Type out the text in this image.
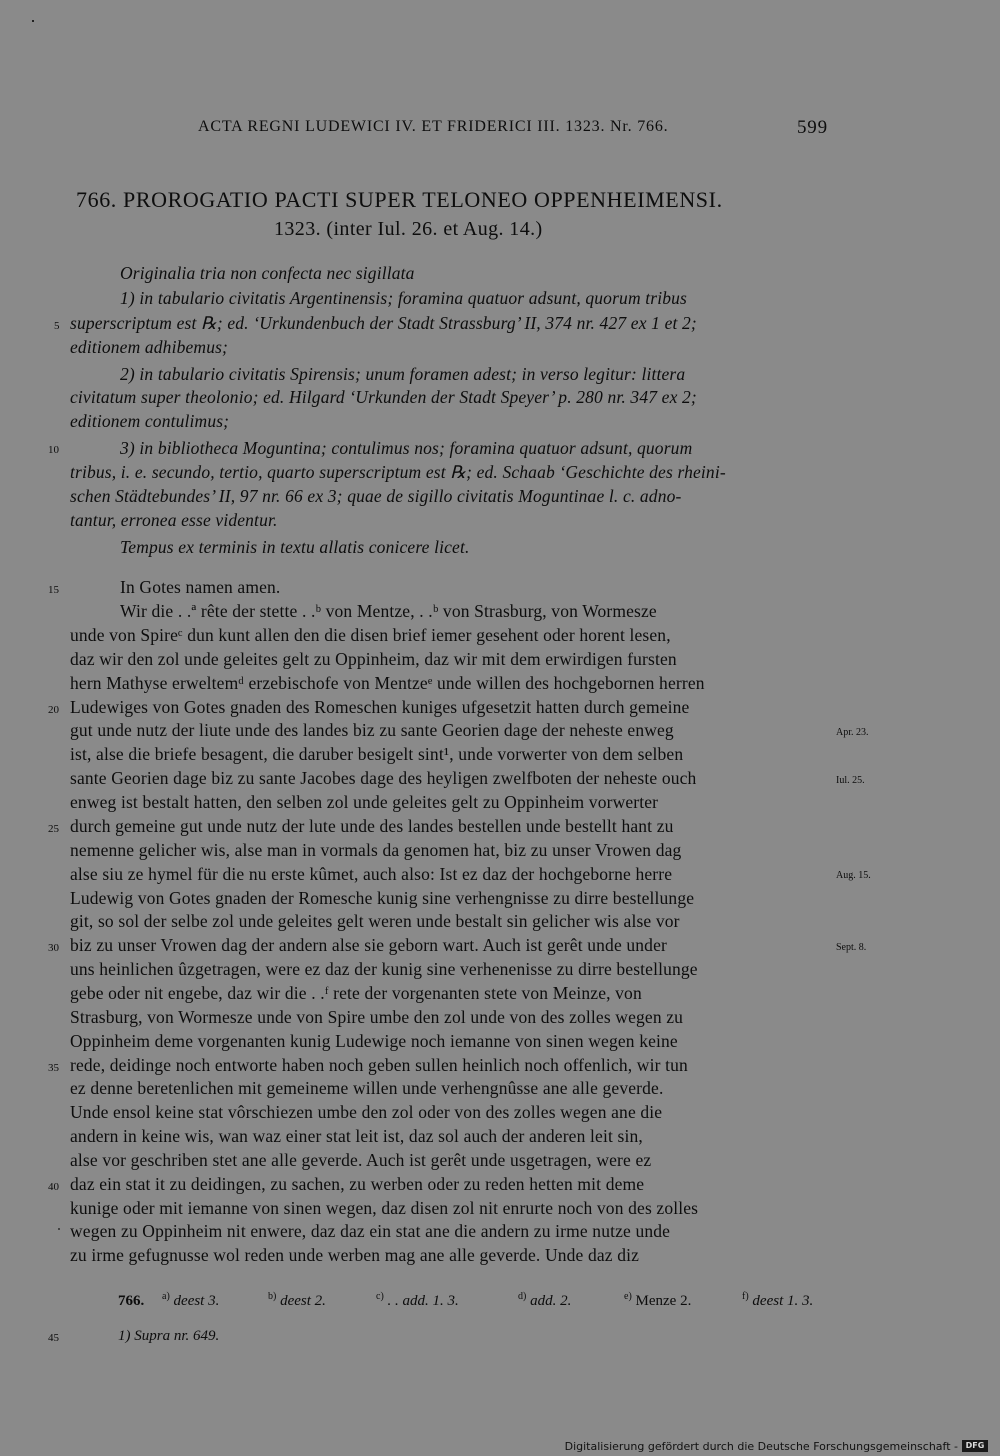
ACTA REGNI LUDEWICI IV. ET FRIDERICI III. 1323. Nr. 766.	599
766. PROROGATIO PACTI SUPER TELONEO OPPENHEIMENSI.
1323. (inter Iul. 26. et Aug. 14.)
Originalia tria non confecta nec sigillata
1) in tabulario civitatis Argentinensis; foramina quatuor adsunt, quorum tribus
superscriptum est ℞; ed. ‘Urkundenbuch der Stadt Strassburg’ II, 374 nr. 427 ex 1 et 2;
editionem adhibemus;
2) in tabulario civitatis Spirensis; unum foramen adest; in verso legitur: littera
civitatum super theolonio; ed. Hilgard ‘Urkunden der Stadt Speyer’ p. 280 nr. 347 ex 2;
editionem contulimus;
3) in bibliotheca Moguntina; contulimus nos; foramina quatuor adsunt, quorum
tribus, i. e. secundo, tertio, quarto superscriptum est ℞; ed. Schaab ‘Geschichte des rheini-
schen Städtebundes’ II, 97 nr. 66 ex 3; quae de sigillo civitatis Moguntinae l. c. adno-
tantur, erronea esse videntur.
Tempus ex terminis in textu allatis conicere licet.
In Gotes namen amen.
Wir die . .ª rête der stette . .ᵇ von Mentze, . .ᵇ von Strasburg, von Wormesze
unde von Spireᶜ dun kunt allen den die disen brief iemer gesehent oder horent lesen,
daz wir den zol unde geleites gelt zu Oppinheim, daz wir mit dem erwirdigen fursten
hern Mathyse erweltemᵈ erzebischofe von Mentzeᵉ unde willen des hochgebornen herren
Ludewiges von Gotes gnaden des Romeschen kuniges ufgesetzit hatten durch gemeine
gut unde nutz der liute unde des landes biz zu sante Georien dage der neheste enweg
ist, alse die briefe besagent, die daruber besigelt sint¹, unde vorwerter von dem selben
sante Georien dage biz zu sante Jacobes dage des heyligen zwelfboten der neheste ouch
enweg ist bestalt hatten, den selben zol unde geleites gelt zu Oppinheim vorwerter
durch gemeine gut unde nutz der lute unde des landes bestellen unde bestellt hant zu
nemenne gelicher wis, alse man in vormals da genomen hat, biz zu unser Vrowen dag
alse siu ze hymel für die nu erste kûmet, auch also: Ist ez daz der hochgeborne herre
Ludewig von Gotes gnaden der Romesche kunig sine verhengnisse zu dirre bestellunge
git, so sol der selbe zol unde geleites gelt weren unde bestalt sin gelicher wis alse vor
biz zu unser Vrowen dag der andern alse sie geborn wart. Auch ist gerêt unde under
uns heinlichen ûzgetragen, were ez daz der kunig sine verhenenisse zu dirre bestellunge
gebe oder nit engebe, daz wir die . .ᶠ rete der vorgenanten stete von Meinze, von
Strasburg, von Wormesze unde von Spire umbe den zol unde von des zolles wegen zu
Oppinheim deme vorgenanten kunig Ludewige noch iemanne von sinen wegen keine
rede, deidinge noch entworte haben noch geben sullen heinlich noch offenlich, wir tun
ez denne beretenlichen mit gemeineme willen unde verhengnûsse ane alle geverde.
Unde ensol keine stat vôrschiezen umbe den zol oder von des zolles wegen ane die
andern in keine wis, wan waz einer stat leit ist, daz sol auch der anderen leit sin,
alse vor geschriben stet ane alle geverde. Auch ist gerêt unde usgetragen, were ez
daz ein stat it zu deidingen, zu sachen, zu werben oder zu reden hetten mit deme
kunige oder mit iemanne von sinen wegen, daz disen zol nit enrurte noch von des zolles
wegen zu Oppinheim nit enwere, daz daz ein stat ane die andern zu irme nutze unde
zu irme gefugnusse wol reden unde werben mag ane alle geverde. Unde daz diz
5
10
15
20
25
30
35
40
45
Apr. 23.
Iul. 25.
Aug. 15.
Sept. 8.
766. $^{a)}$ deest 3.	$^{b)}$ deest 2.	$^{c)}$ . . add. 1. 3.	$^{d)}$ add. 2.	$^{e)}$ Menze 2.	$^{f)}$ deest 1. 3.
1) Supra nr. 649.
Digitalisierung gefördert durch die Deutsche Forschungsgemeinschaft - DFG
